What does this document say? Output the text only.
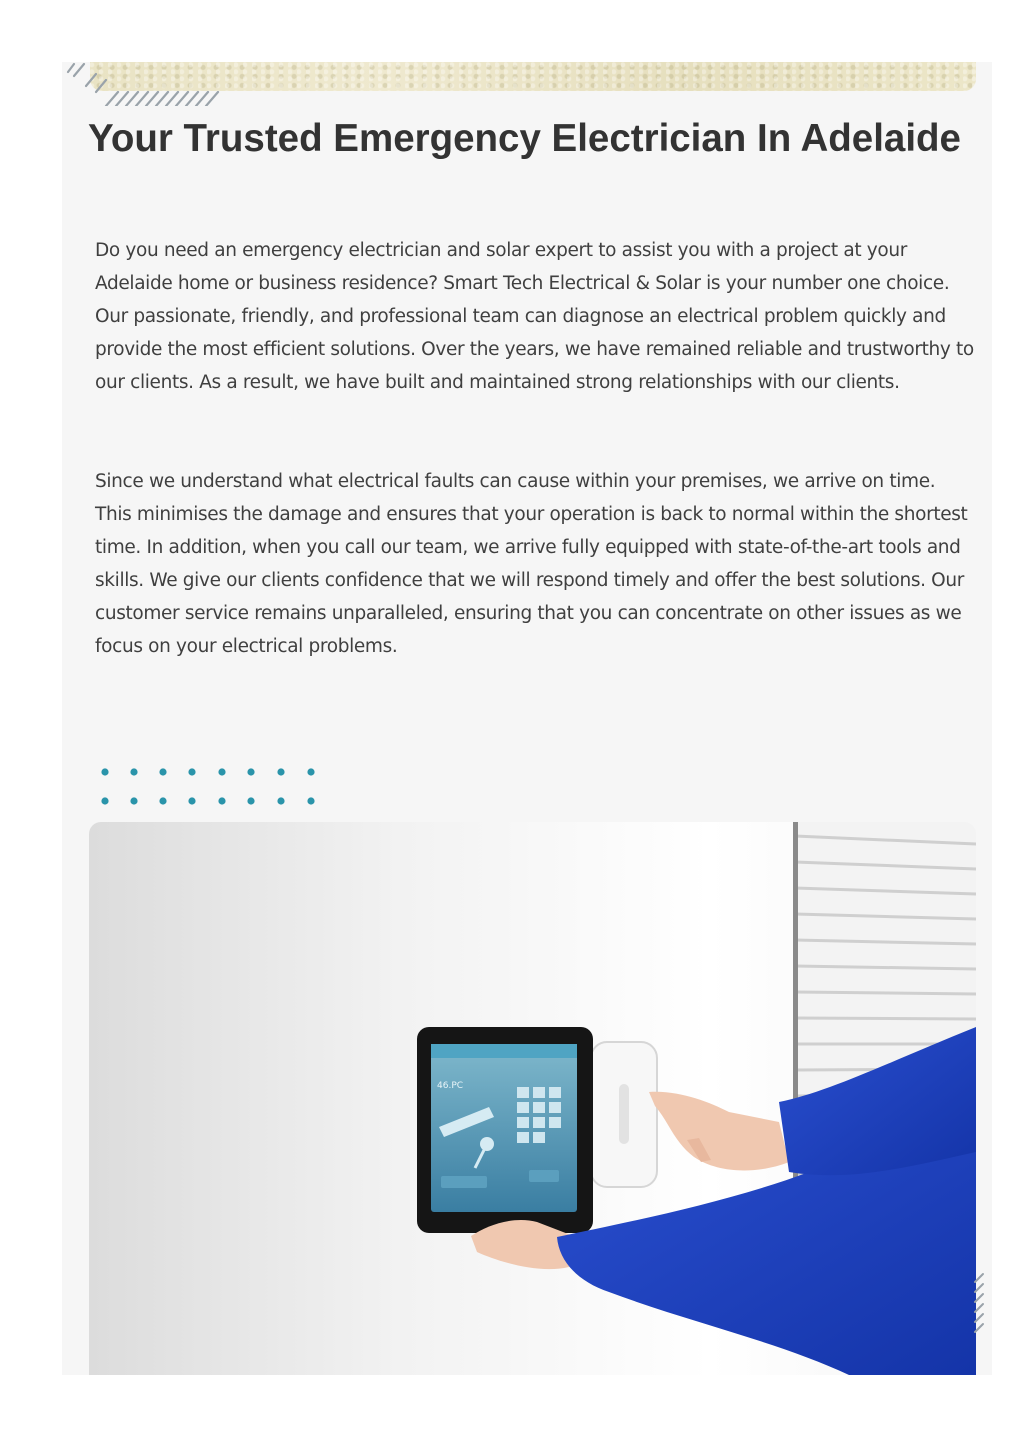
Your Trusted Emergency Electrician In Adelaide

Do you need an emergency electrician and solar expert to assist you with a project at your Adelaide home or business residence? Smart Tech Electrical & Solar is your number one choice. Our passionate, friendly, and professional team can diagnose an electrical problem quickly and provide the most efficient solutions. Over the years, we have remained reliable and trustworthy to our clients. As a result, we have built and maintained strong relationships with our clients.

Since we understand what electrical faults can cause within your premises, we arrive on time. This minimises the damage and ensures that your operation is back to normal within the shortest time. In addition, when you call our team, we arrive fully equipped with state-of-the-art tools and skills. We give our clients confidence that we will respond timely and offer the best solutions. Our customer service remains unparalleled, ensuring that you can concentrate on other issues as we focus on your electrical problems.

46.PC
